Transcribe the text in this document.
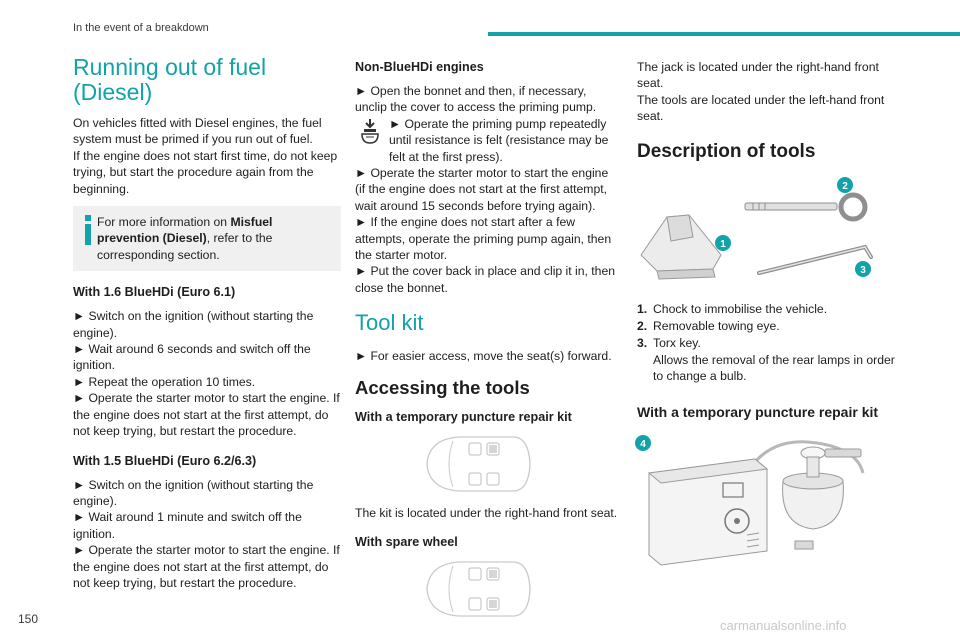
In the event of a breakdown
Running out of fuel
(Diesel)

On vehicles fitted with Diesel engines, the fuel system must be primed if you run out of fuel.

If the engine does not start first time, do not keep trying, but start the procedure again from the beginning.

For more information on Misfuel prevention (Diesel), refer to the corresponding section.

With 1.6 BlueHDi (Euro 6.1)

► Switch on the ignition (without starting the engine).

► Wait around 6 seconds and switch off the ignition.

► Repeat the operation 10 times.

► Operate the starter motor to start the engine. If the engine does not start at the first attempt, do not keep trying, but restart the procedure.

With 1.5 BlueHDi (Euro 6.2/6.3)

► Switch on the ignition (without starting the engine).

► Wait around 1 minute and switch off the ignition.

► Operate the starter motor to start the engine. If the engine does not start at the first attempt, do not keep trying, but restart the procedure.

Non-BlueHDi engines

► Open the bonnet and then, if necessary, unclip the cover to access the priming pump.

► Operate the priming pump repeatedly until resistance is felt (resistance may be felt at the first press).

► Operate the starter motor to start the engine (if the engine does not start at the first attempt, wait around 15 seconds before trying again).

► If the engine does not start after a few attempts, operate the priming pump again, then the starter motor.

► Put the cover back in place and clip it in, then close the bonnet.

Tool kit

► For easier access, move the seat(s) forward.

Accessing the tools
With a temporary puncture repair kit

The kit is located under the right-hand front seat.

With spare wheel

The jack is located under the right-hand front seat.

The tools are located under the left-hand front seat.

Description of tools
1
2
3
1. Chock to immobilise the vehicle.
2. Removable towing eye.
3. Torx key.
Allows the removal of the rear lamps in order to change a bulb.
With a temporary puncture repair kit
4
150	carmanualsonline.info
